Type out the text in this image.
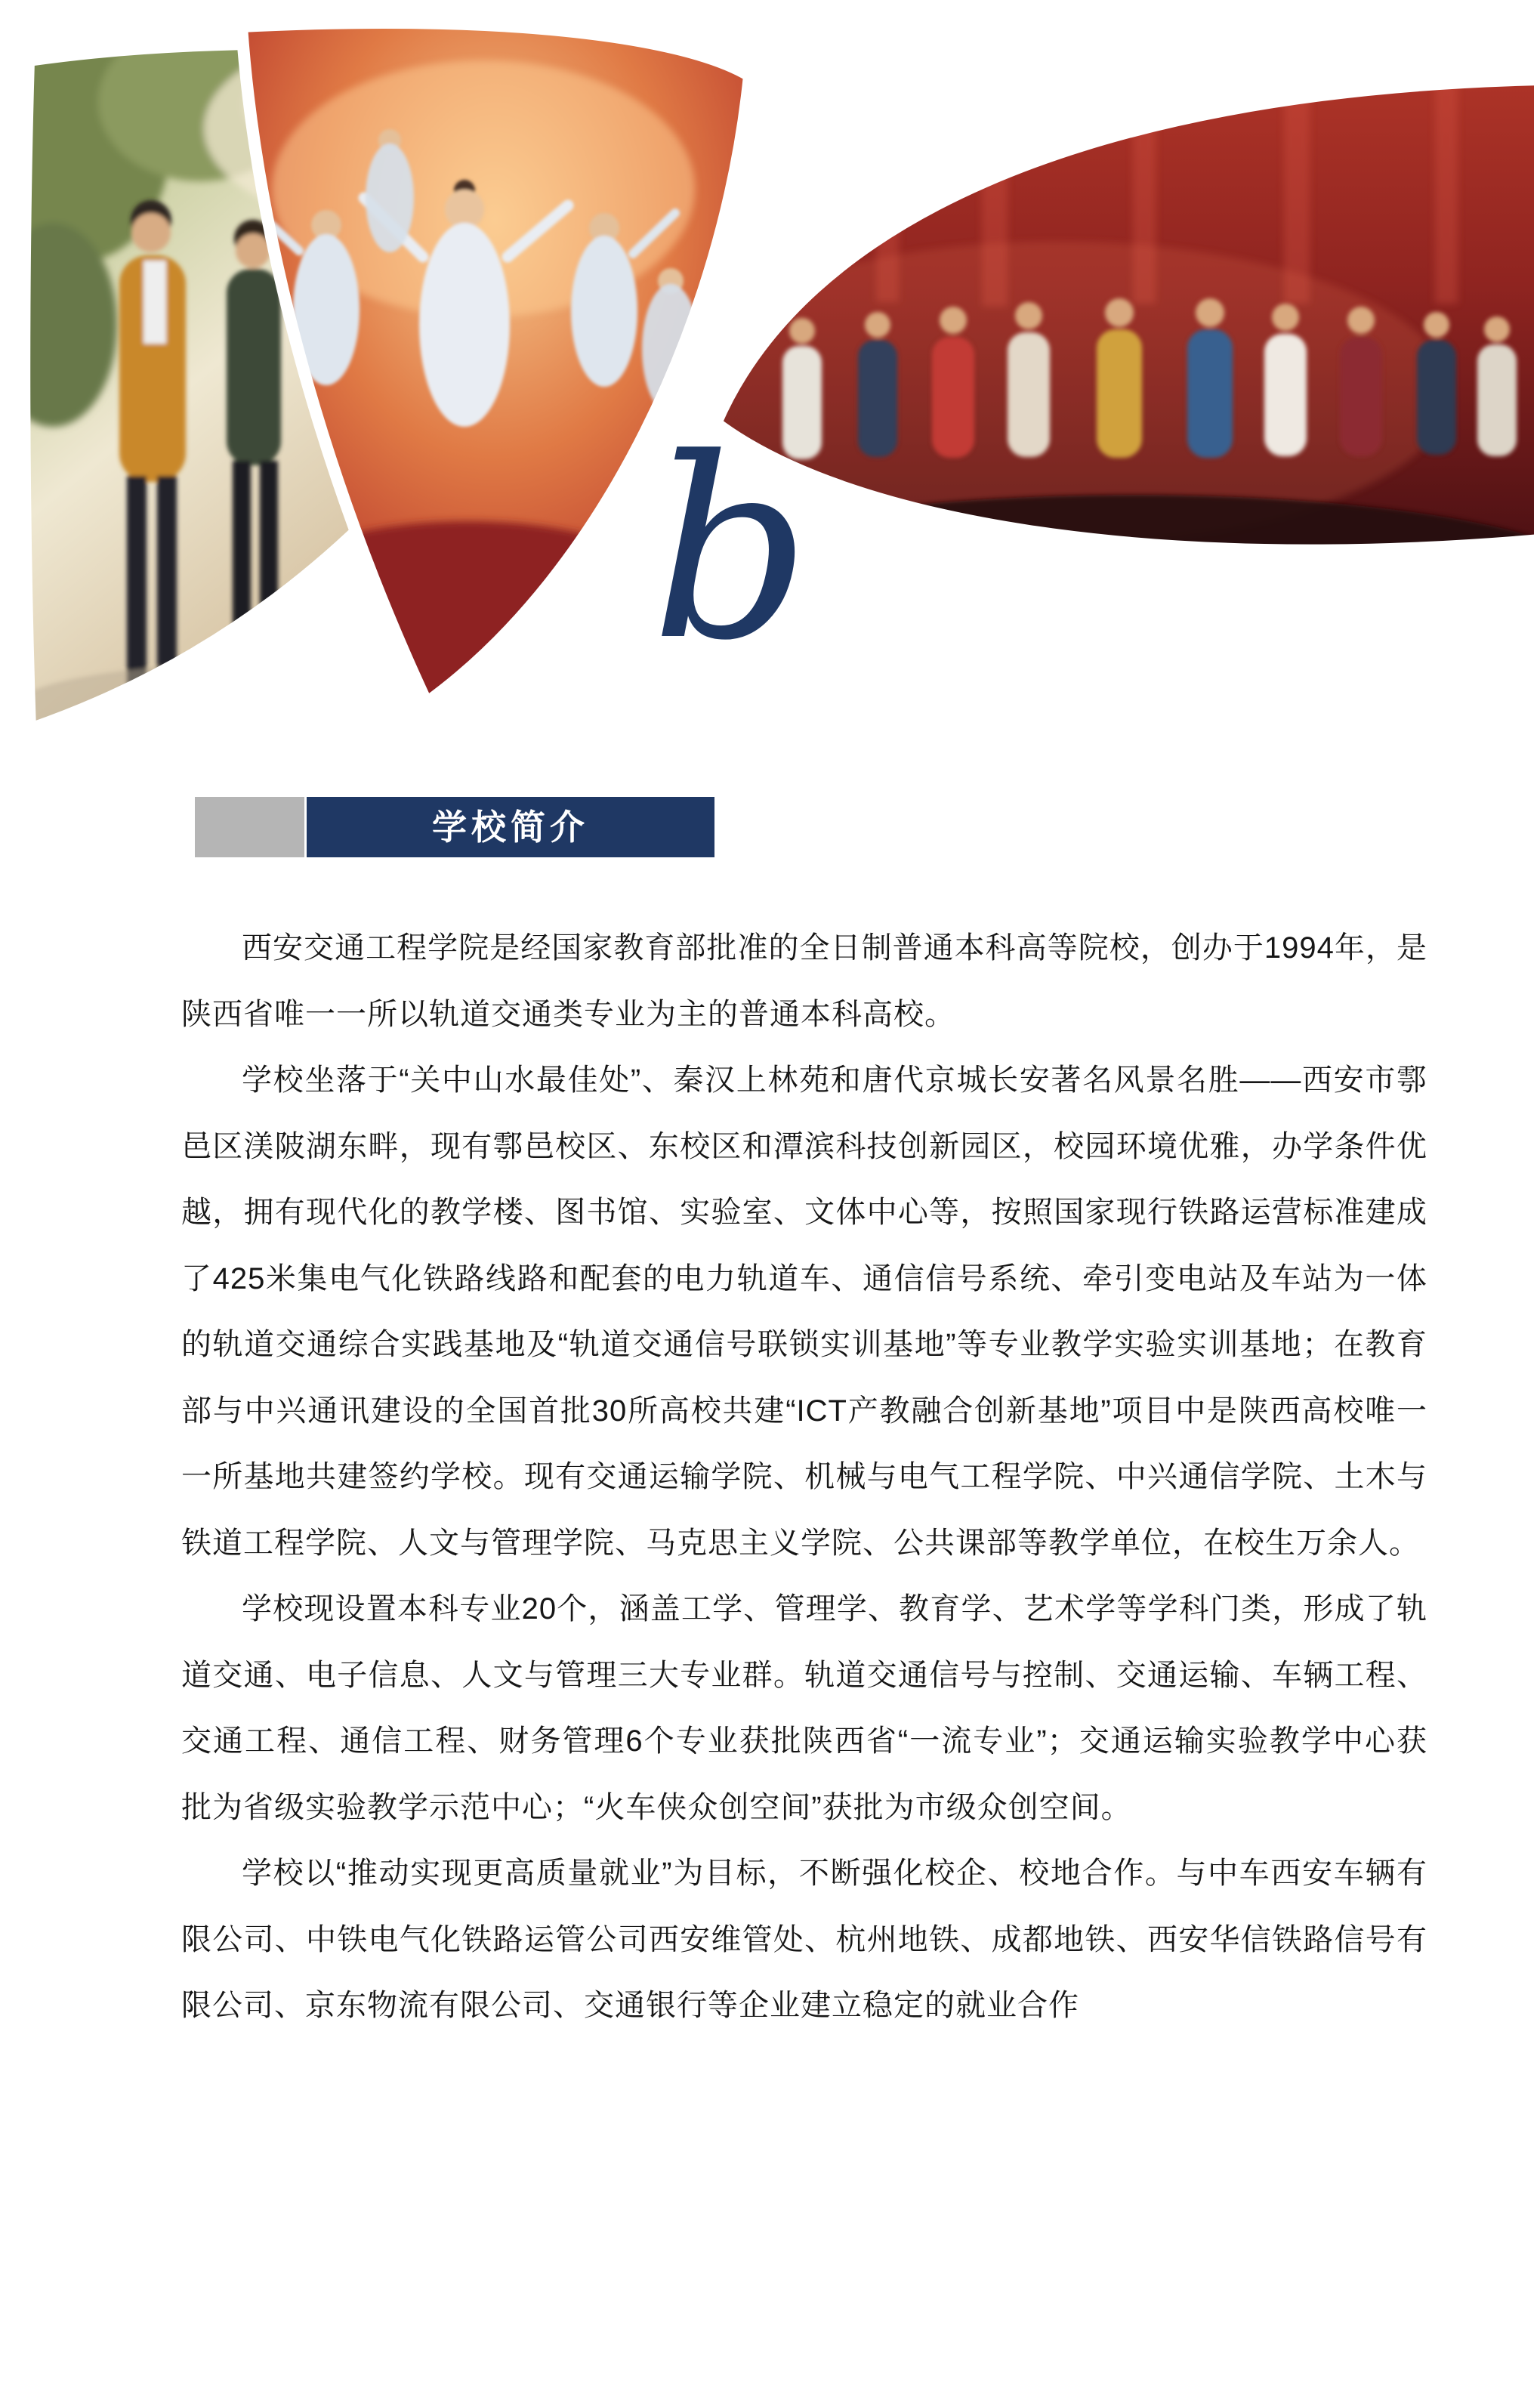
b
学校简介

西安交通工程学院是经国家教育部批准的全日制普通本科高等院校，创办于1994年，是陕西省唯一一所以轨道交通类专业为主的普通本科高校。

学校坐落于“关中山水最佳处”、秦汉上林苑和唐代京城长安著名风景名胜——西安市鄠邑区渼陂湖东畔，现有鄠邑校区、东校区和潭滨科技创新园区，校园环境优雅，办学条件优越，拥有现代化的教学楼、图书馆、实验室、文体中心等，按照国家现行铁路运营标准建成了425米集电气化铁路线路和配套的电力轨道车、通信信号系统、牵引变电站及车站为一体的轨道交通综合实践基地及“轨道交通信号联锁实训基地”等专业教学实验实训基地；在教育部与中兴通讯建设的全国首批30所高校共建“ICT产教融合创新基地”项目中是陕西高校唯一一所基地共建签约学校。现有交通运输学院、机械与电气工程学院、中兴通信学院、土木与铁道工程学院、人文与管理学院、马克思主义学院、公共课部等教学单位，在校生万余人。

学校现设置本科专业20个，涵盖工学、管理学、教育学、艺术学等学科门类，形成了轨道交通、电子信息、人文与管理三大专业群。轨道交通信号与控制、交通运输、车辆工程、交通工程、通信工程、财务管理6个专业获批陕西省“一流专业”；交通运输实验教学中心获批为省级实验教学示范中心；“火车侠众创空间”获批为市级众创空间。

学校以“推动实现更高质量就业”为目标，不断强化校企、校地合作。与中车西安车辆有限公司、中铁电气化铁路运管公司西安维管处、杭州地铁、成都地铁、西安华信铁路信号有限公司、京东物流有限公司、交通银行等企业建立稳定的就业合作
